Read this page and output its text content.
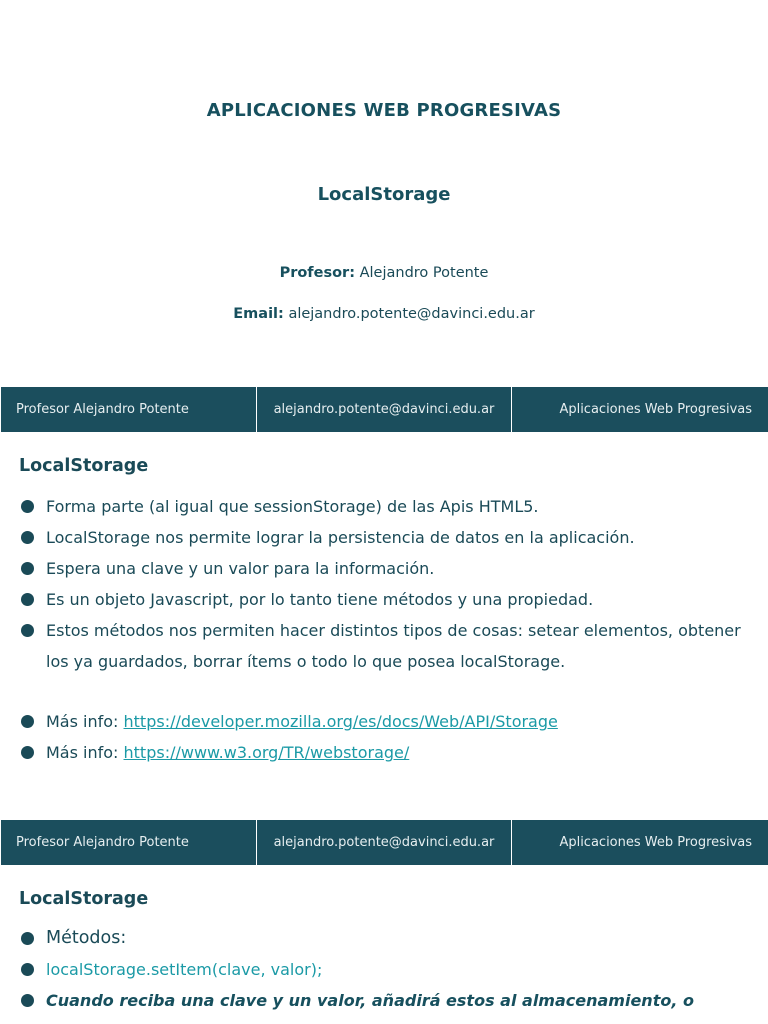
APLICACIONES WEB PROGRESIVAS
LocalStorage
Profesor: Alejandro Potente
Email: alejandro.potente@davinci.edu.ar
Profesor Alejandro Potente	alejandro.potente@davinci.edu.ar	Aplicaciones Web Progresivas
LocalStorage
Forma parte (al igual que sessionStorage) de las Apis HTML5.
LocalStorage nos permite lograr la persistencia de datos en la aplicación.
Espera una clave y un valor para la información.
Es un objeto Javascript, por lo tanto tiene métodos y una propiedad.
Estos métodos nos permiten hacer distintos tipos de cosas: setear elementos, obtener los ya guardados, borrar ítems o todo lo que posea localStorage.
Más info: https://developer.mozilla.org/es/docs/Web/API/Storage
Más info: https://www.w3.org/TR/webstorage/
Profesor Alejandro Potente	alejandro.potente@davinci.edu.ar	Aplicaciones Web Progresivas
LocalStorage
Métodos:
localStorage.setItem(clave, valor);
Cuando reciba una clave y un valor, añadirá estos al almacenamiento, o
